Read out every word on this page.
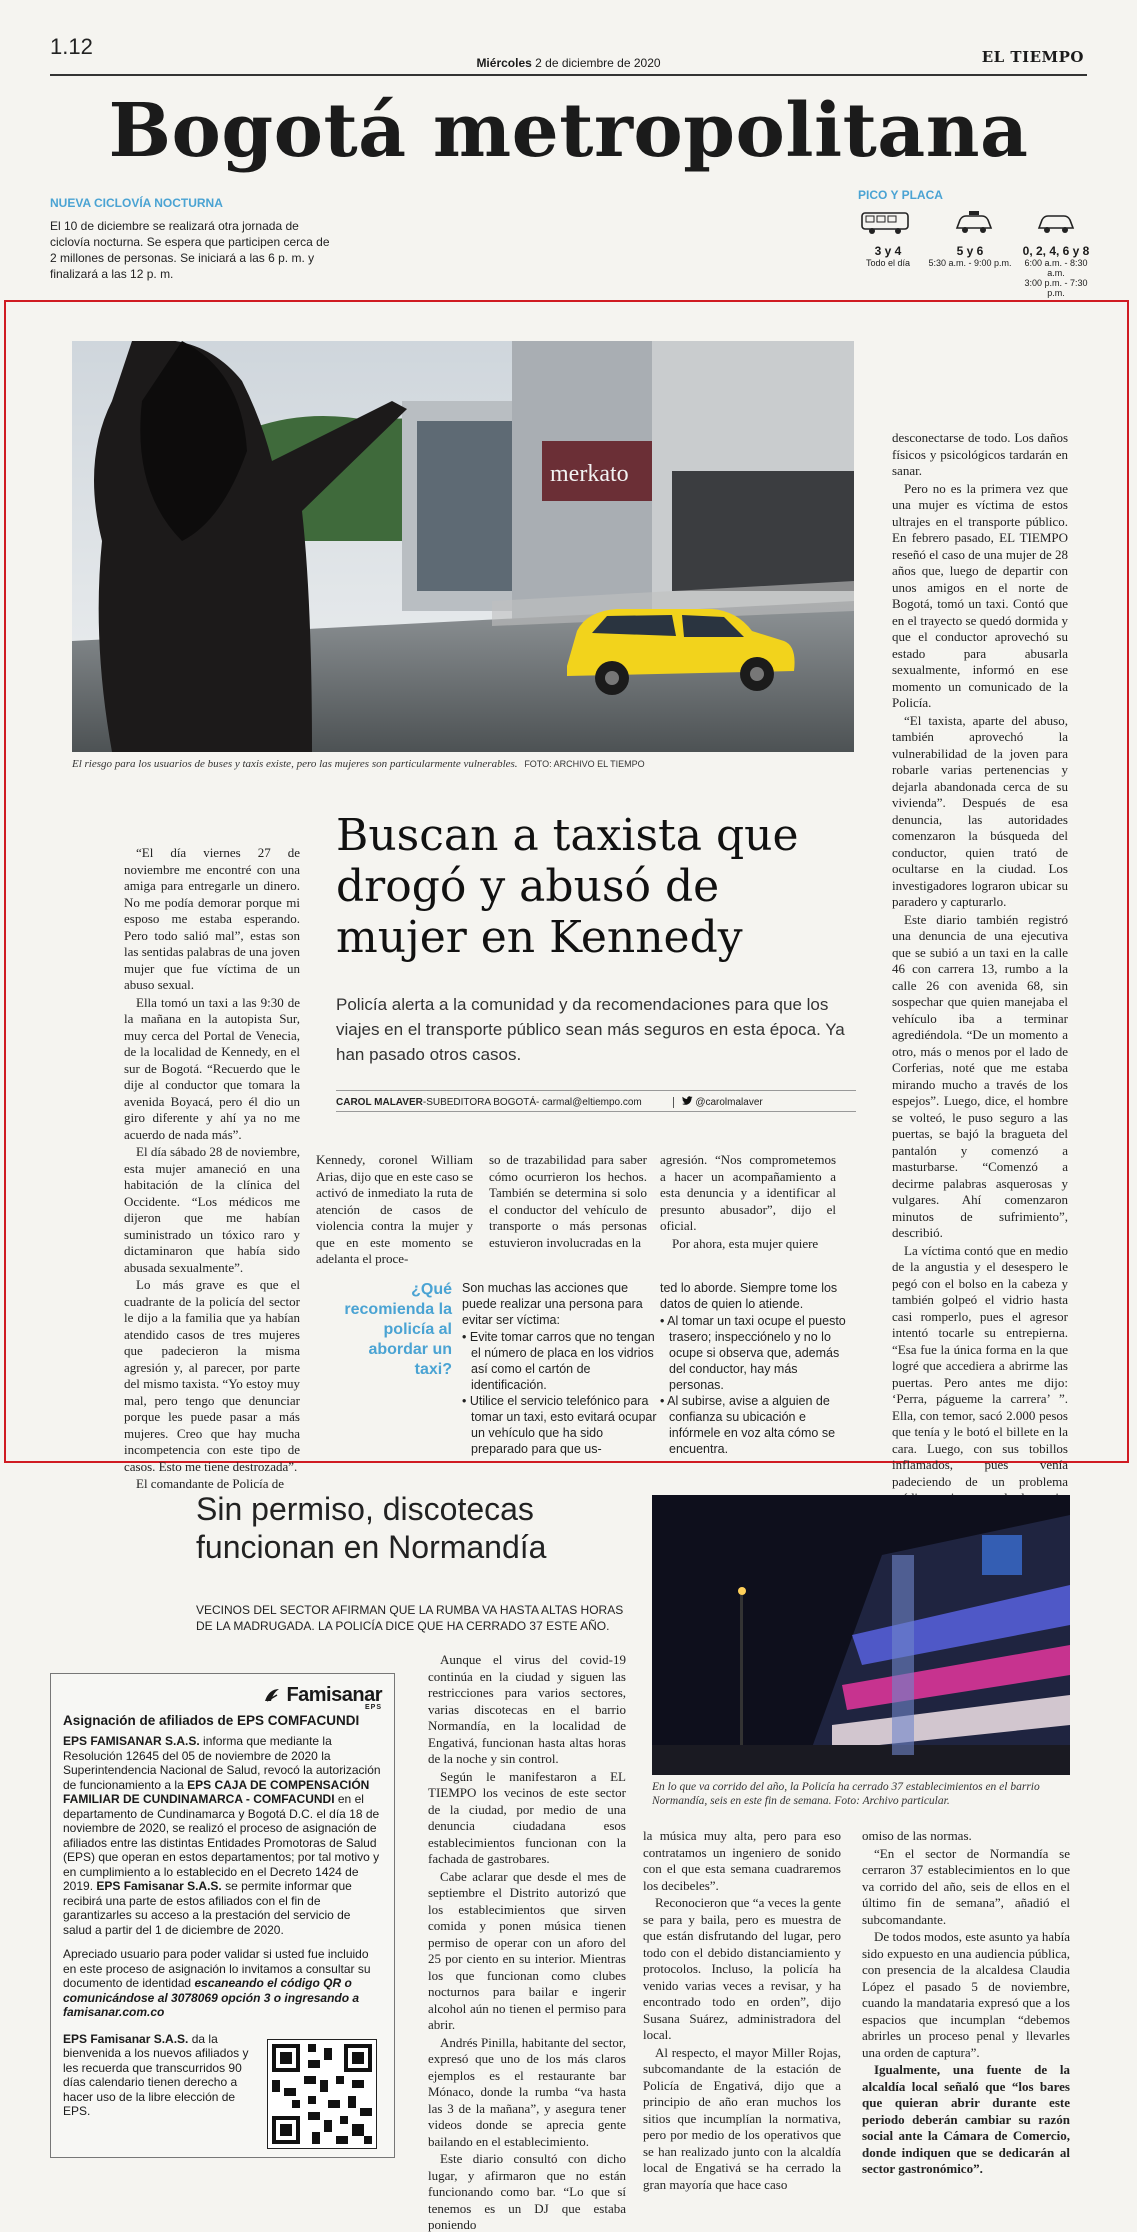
1.12
Miércoles 2 de diciembre de 2020	EL TIEMPO
Bogotá metropolitana
NUEVA CICLOVÍA NOCTURNA
El 10 de diciembre se realizará otra jornada de ciclovía nocturna. Se espera que participen cerca de 2 millones de personas. Se iniciará a las 6 p. m. y finalizará a las 12 p. m.
PICO Y PLACA
3 y 4
Todo el día
5 y 6
5:30 a.m. - 9:00 p.m.
0, 2, 4, 6 y 8
6:00 a.m. - 8:30 a.m.
3:00 p.m. - 7:30 p.m.
merkato
El riesgo para los usuarios de buses y taxis existe, pero las mujeres son particularmente vulnerables. FOTO: ARCHIVO EL TIEMPO
Buscan a taxista que drogó y abusó de mujer en Kennedy
Policía alerta a la comunidad y da recomendaciones para que los viajes en el transporte público sean más seguros en esta época. Ya han pasado otros casos.
CAROL MALAVER-SUBEDITORA BOGOTÁ- carmal@eltiempo.com	@carolmalaver

“El día viernes 27 de noviembre me encontré con una amiga para entregarle un dinero. No me podía demorar porque mi esposo me estaba esperando. Pero todo salió mal”, estas son las sentidas palabras de una joven mujer que fue víctima de un abuso sexual.

Ella tomó un taxi a las 9:30 de la mañana en la autopista Sur, muy cerca del Portal de Venecia, de la localidad de Kennedy, en el sur de Bogotá. “Recuerdo que le dije al conductor que tomara la avenida Boyacá, pero él dio un giro diferente y ahí ya no me acuerdo de nada más”.

El día sábado 28 de noviembre, esta mujer amaneció en una habitación de la clínica del Occidente. “Los médicos me dijeron que me habían suministrado un tóxico raro y dictaminaron que había sido abusada sexualmente”.

Lo más grave es que el cuadrante de la policía del sector le dijo a la familia que ya habían atendido casos de tres mujeres que padecieron la misma agresión y, al parecer, por parte del mismo taxista. “Yo estoy muy mal, pero tengo que denunciar porque les puede pasar a más mujeres. Creo que hay mucha incompetencia con este tipo de casos. Esto me tiene destrozada”.

El comandante de Policía de

Kennedy, coronel William Arias, dijo que en este caso se activó de inmediato la ruta de atención de casos de violencia contra la mujer y que en este momento se adelanta el proce-

so de trazabilidad para saber cómo ocurrieron los hechos. También se determina si solo el conductor del vehículo de transporte o más personas estuvieron involucradas en la

agresión. “Nos comprometemos a hacer un acompañamiento a esta denuncia y a identificar al presunto abusador”, dijo el oficial.

Por ahora, esta mujer quiere

¿Qué recomienda la policía al abordar un taxi?

Son muchas las acciones que puede realizar una persona para evitar ser víctima:

• Evite tomar carros que no tengan el número de placa en los vidrios así como el cartón de identificación.
• Utilice el servicio telefónico para tomar un taxi, esto evitará ocupar un vehículo que ha sido preparado para que us-

ted lo aborde. Siempre tome los datos de quien lo atiende.

• Al tomar un taxi ocupe el puesto trasero; inspecciónelo y no lo ocupe si observa que, además del conductor, hay más personas.
• Al subirse, avise a alguien de confianza su ubicación e infórmele en voz alta cómo se encuentra.

desconectarse de todo. Los daños físicos y psicológicos tardarán en sanar.

Pero no es la primera vez que una mujer es víctima de estos ultrajes en el transporte público. En febrero pasado, EL TIEMPO reseñó el caso de una mujer de 28 años que, luego de departir con unos amigos en el norte de Bogotá, tomó un taxi. Contó que en el trayecto se quedó dormida y que el conductor aprovechó su estado para abusarla sexualmente, informó en ese momento un comunicado de la Policía.

“El taxista, aparte del abuso, también aprovechó la vulnerabilidad de la joven para robarle varias pertenencias y dejarla abandonada cerca de su vivienda”. Después de esa denuncia, las autoridades comenzaron la búsqueda del conductor, quien trató de ocultarse en la ciudad. Los investigadores lograron ubicar su paradero y capturarlo.

Este diario también registró una denuncia de una ejecutiva que se subió a un taxi en la calle 46 con carrera 13, rumbo a la calle 26 con avenida 68, sin sospechar que quien manejaba el vehículo iba a terminar agrediéndola. “De un momento a otro, más o menos por el lado de Corferias, noté que me estaba mirando mucho a través de los espejos”. Luego, dice, el hombre se volteó, le puso seguro a las puertas, se bajó la bragueta del pantalón y comenzó a masturbarse. “Comenzó a decirme palabras asquerosas y vulgares. Ahí comenzaron minutos de sufrimiento”, describió.

La víctima contó que en medio de la angustia y el desespero le pegó con el bolso en la cabeza y también golpeó el vidrio hasta casi romperlo, pues el agresor intentó tocarle su entrepierna. “Esa fue la única forma en la que logré que accediera a abrirme las puertas. Pero antes me dijo: ‘Perra, págueme la carrera’ ”. Ella, con temor, sacó 2.000 pesos que tenía y le botó el billete en la cara. Luego, con sus tobillos inflamados, pues venía padeciendo de un problema

Sin permiso, discotecas funcionan en Normandía
VECINOS DEL SECTOR AFIRMAN QUE LA RUMBA VA HASTA ALTAS HORAS DE LA MADRUGADA. LA POLICÍA DICE QUE HA CERRADO 37 ESTE AÑO.
En lo que va corrido del año, la Policía ha cerrado 37 establecimientos en el barrio Normandía, seis en este fin de semana. Foto: Archivo particular.

Aunque el virus del covid-19 continúa en la ciudad y siguen las restricciones para varios sectores, varias discotecas en el barrio Normandía, en la localidad de Engativá, funcionan hasta altas horas de la noche y sin control.

Según le manifestaron a EL TIEMPO los vecinos de este sector de la ciudad, por medio de una denuncia ciudadana esos establecimientos funcionan con la fachada de gastrobares.

Cabe aclarar que desde el mes de septiembre el Distrito autorizó que los establecimientos que sirven comida y ponen música tienen permiso de operar con un aforo del 25 por ciento en su interior. Mientras los que funcionan como clubes nocturnos para bailar e ingerir alcohol aún no tienen el permiso para abrir.

Andrés Pinilla, habitante del sector, expresó que uno de los más claros ejemplos es el restaurante bar Mónaco, donde la rumba “va hasta las 3 de la mañana”, y asegura tener videos donde se aprecia gente bailando en el establecimiento.

Este diario consultó con dicho lugar, y afirmaron que no están funcionando como bar. “Lo que sí tenemos es un DJ que estaba poniendo

la música muy alta, pero para eso contratamos un ingeniero de sonido con el que esta semana cuadraremos los decibeles”.

Reconocieron que “a veces la gente se para y baila, pero es muestra de que están disfrutando del lugar, pero todo con el debido distanciamiento y protocolos. Incluso, la policía ha venido varias veces a revisar, y ha encontrado todo en orden”, dijo Susana Suárez, administradora del local.

Al respecto, el mayor Miller Rojas, subcomandante de la estación de Policía de Engativá, dijo que a principio de año eran muchos los sitios que incumplían la normativa, pero por medio de los operativos que se han realizado junto con la alcaldía local de Engativá se ha cerrado la gran mayoría que hace caso

omiso de las normas.

“En el sector de Normandía se cerraron 37 establecimientos en lo que va corrido del año, seis de ellos en el último fin de semana”, añadió el subcomandante.

De todos modos, este asunto ya había sido expuesto en una audiencia pública, con presencia de la alcaldesa Claudia López el pasado 5 de noviembre, cuando la mandataria expresó que a los espacios que incumplan “debemos abrirles un proceso penal y llevarles una orden de captura”.

Igualmente, una fuente de la alcaldía local señaló que “los bares que quieran abrir durante este periodo deberán cambiar su razón social ante la Cámara de Comercio, donde indiquen que se dedicarán al sector gastronómico”.

Famisanar
EPS
Asignación de afiliados de EPS COMFACUNDI

EPS FAMISANAR S.A.S. informa que mediante la Resolución 12645 del 05 de noviembre de 2020 la Superintendencia Nacional de Salud, revocó la autorización de funcionamiento a la EPS CAJA DE COMPENSACIÓN FAMILIAR DE CUNDINAMARCA - COMFACUNDI en el departamento de Cundinamarca y Bogotá D.C. el día 18 de noviembre de 2020, se realizó el proceso de asignación de afiliados entre las distintas Entidades Promotoras de Salud (EPS) que operan en estos departamentos; por tal motivo y en cumplimiento a lo establecido en el Decreto 1424 de 2019. EPS Famisanar S.A.S. se permite informar que recibirá una parte de estos afiliados con el fin de garantizarles su acceso a la prestación del servicio de salud a partir del 1 de diciembre de 2020.

Apreciado usuario para poder validar si usted fue incluido en este proceso de asignación lo invitamos a consultar su documento de identidad escaneando el código QR o comunicándose al 3078069 opción 3 o ingresando a famisanar.com.co

EPS Famisanar S.A.S. da la bienvenida a los nuevos afiliados y les recuerda que transcurridos 90 días calendario tienen derecho a hacer uso de la libre elección de EPS.
